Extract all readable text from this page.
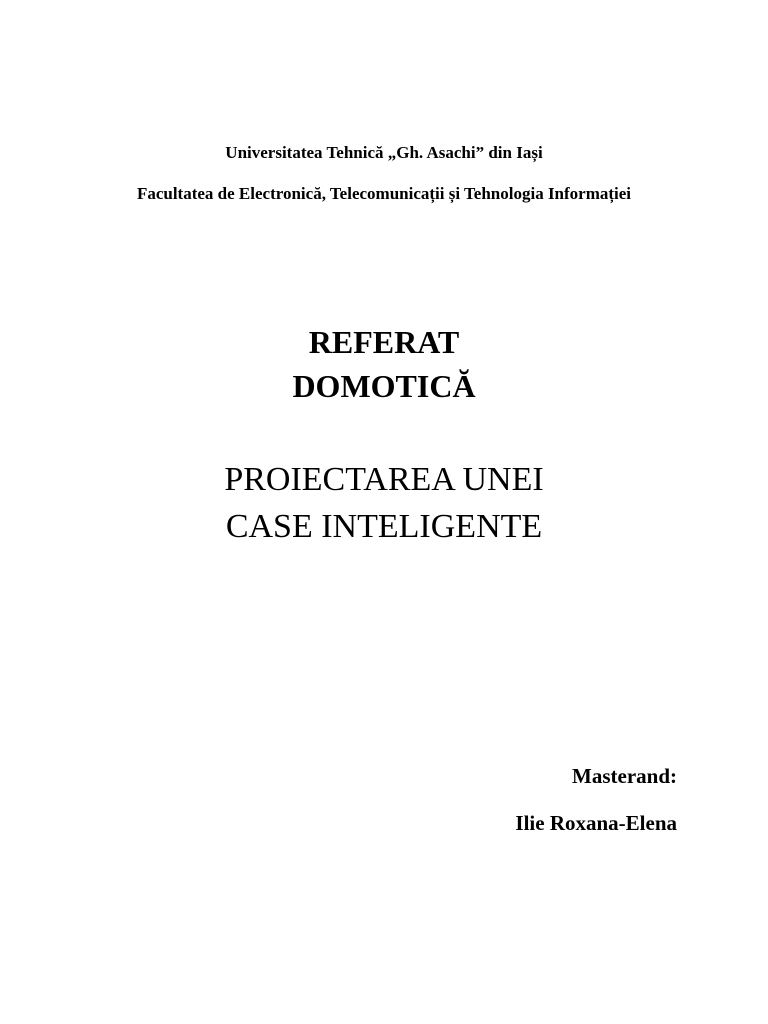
Universitatea Tehnică „Gh. Asachi” din Iași
Facultatea de Electronică, Telecomunicații și Tehnologia Informației
REFERAT
DOMOTICĂ
PROIECTAREA UNEI
CASE INTELIGENTE
Masterand:
Ilie Roxana-Elena
